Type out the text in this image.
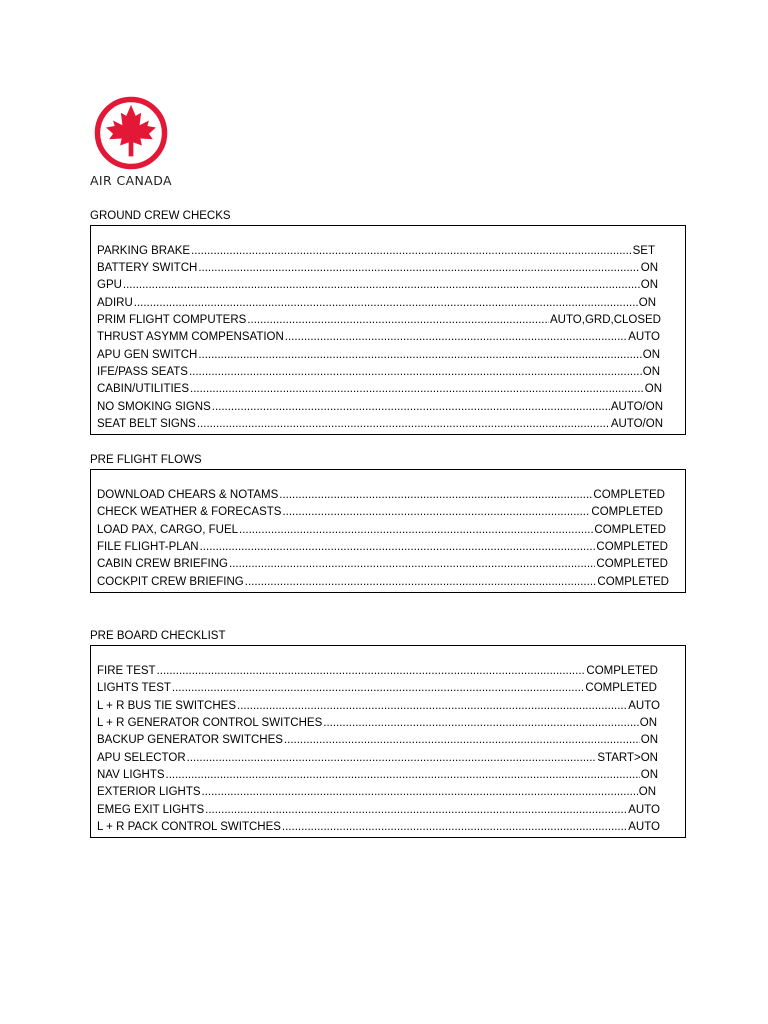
AIR CANADA
GROUND CREW CHECKS
PARKING BRAKE .....	SET
BATTERY SWITCH .....	ON
GPU .....	ON
ADIRU .....	ON
PRIM FLIGHT COMPUTERS .....	AUTO,GRD,CLOSED
THRUST ASYMM COMPENSATION .....	AUTO
APU GEN SWITCH .....	ON
IFE/PASS SEATS .....	ON
CABIN/UTILITIES .....	ON
NO SMOKING SIGNS .....	AUTO/ON
SEAT BELT SIGNS .....	AUTO/ON
PRE FLIGHT FLOWS
DOWNLOAD CHEARS & NOTAMS .....	COMPLETED
CHECK WEATHER & FORECASTS .....	COMPLETED
LOAD PAX, CARGO, FUEL .....	COMPLETED
FILE FLIGHT-PLAN .....	COMPLETED
CABIN CREW BRIEFING .....	COMPLETED
COCKPIT CREW BRIEFING .....	COMPLETED
PRE BOARD CHECKLIST
FIRE TEST .....	COMPLETED
LIGHTS TEST .....	COMPLETED
L + R BUS TIE SWITCHES .....	AUTO
L + R GENERATOR CONTROL SWITCHES .....	ON
BACKUP GENERATOR SWITCHES .....	ON
APU SELECTOR .....	START>ON
NAV LIGHTS .....	ON
EXTERIOR LIGHTS .....	ON
EMEG EXIT LIGHTS .....	AUTO
L + R PACK CONTROL SWITCHES .....	AUTO
